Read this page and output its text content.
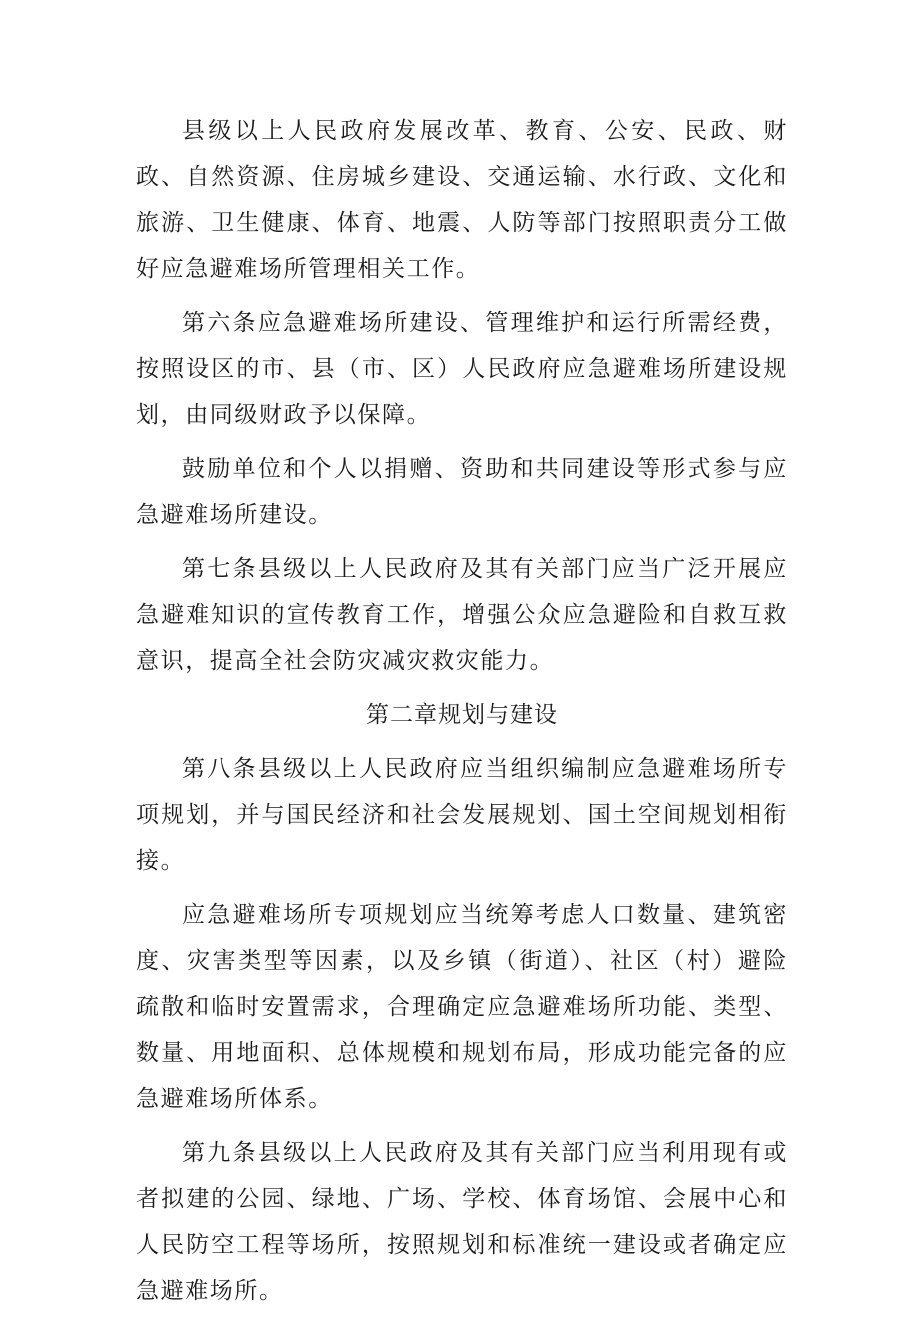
县级以上人民政府发展改革、教育、公安、民政、财政、自然资源、住房城乡建设、交通运输、水行政、文化和旅游、卫生健康、体育、地震、人防等部门按照职责分工做好应急避难场所管理相关工作。

第六条应急避难场所建设、管理维护和运行所需经费，按照设区的市、县（市、区）人民政府应急避难场所建设规划，由同级财政予以保障。

鼓励单位和个人以捐赠、资助和共同建设等形式参与应急避难场所建设。

第七条县级以上人民政府及其有关部门应当广泛开展应急避难知识的宣传教育工作，增强公众应急避险和自救互救意识，提高全社会防灾减灾救灾能力。

第二章规划与建设

第八条县级以上人民政府应当组织编制应急避难场所专项规划，并与国民经济和社会发展规划、国土空间规划相衔接。

应急避难场所专项规划应当统筹考虑人口数量、建筑密度、灾害类型等因素，以及乡镇（街道）、社区（村）避险疏散和临时安置需求，合理确定应急避难场所功能、类型、数量、用地面积、总体规模和规划布局，形成功能完备的应急避难场所体系。

第九条县级以上人民政府及其有关部门应当利用现有或者拟建的公园、绿地、广场、学校、体育场馆、会展中心和人民防空工程等场所，按照规划和标准统一建设或者确定应急避难场所。
